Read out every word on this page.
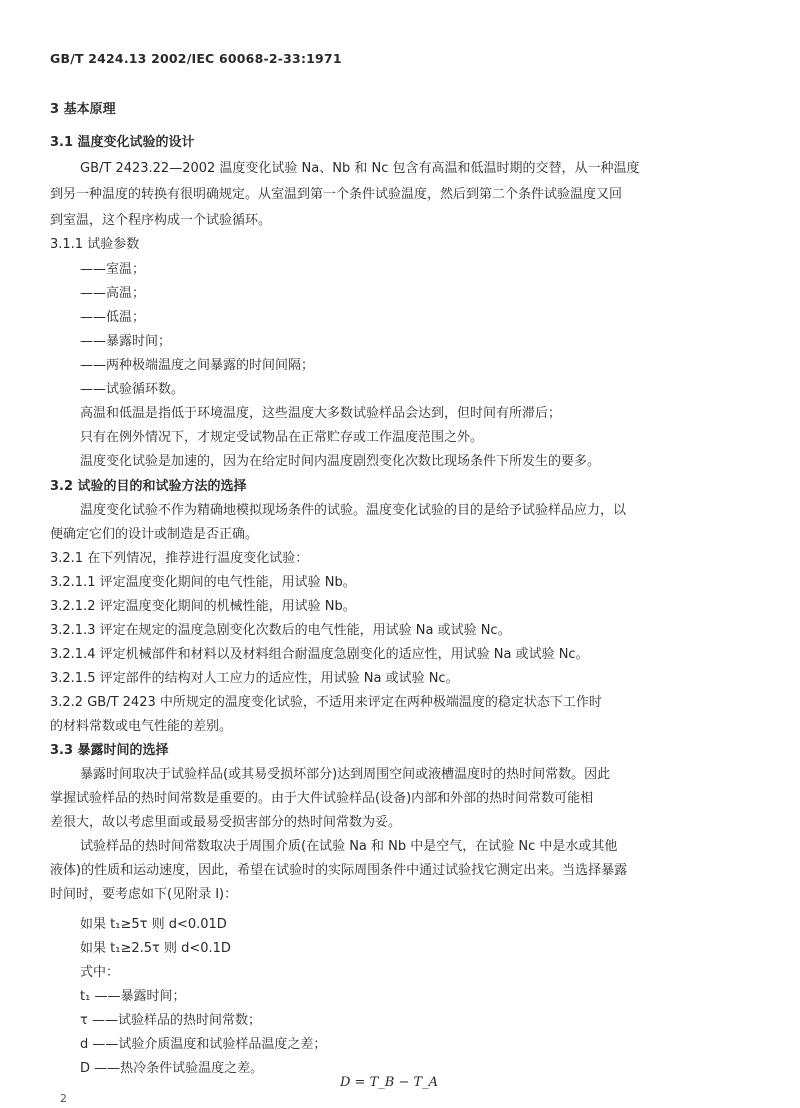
GB/T 2424.13 2002/IEC 60068-2-33:1971
3 基本原理
3.1 温度变化试验的设计
GB/T 2423.22—2002 温度变化试验 Na、Nb 和 Nc 包含有高温和低温时期的交替，从一种温度
到另一种温度的转换有很明确规定。从室温到第一个条件试验温度，然后到第二个条件试验温度又回
到室温，这个程序构成一个试验循环。
3.1.1 试验参数
——室温；
——高温；
——低温；
——暴露时间；
——两种极端温度之间暴露的时间间隔；
——试验循环数。
高温和低温是指低于环境温度，这些温度大多数试验样品会达到，但时间有所滞后；
只有在例外情况下，才规定受试物品在正常贮存或工作温度范围之外。
温度变化试验是加速的，因为在给定时间内温度剧烈变化次数比现场条件下所发生的要多。
3.2 试验的目的和试验方法的选择
温度变化试验不作为精确地模拟现场条件的试验。温度变化试验的目的是给予试验样品应力，以
便确定它们的设计或制造是否正确。
3.2.1 在下列情况，推荐进行温度变化试验：
3.2.1.1 评定温度变化期间的电气性能，用试验 Nb。
3.2.1.2 评定温度变化期间的机械性能，用试验 Nb。
3.2.1.3 评定在规定的温度急剧变化次数后的电气性能，用试验 Na 或试验 Nc。
3.2.1.4 评定机械部件和材料以及材料组合耐温度急剧变化的适应性，用试验 Na 或试验 Nc。
3.2.1.5 评定部件的结构对人工应力的适应性，用试验 Na 或试验 Nc。
3.2.2 GB/T 2423 中所规定的温度变化试验，不适用来评定在两种极端温度的稳定状态下工作时
的材料常数或电气性能的差别。
3.3 暴露时间的选择
暴露时间取决于试验样品(或其易受损坏部分)达到周围空间或液槽温度时的热时间常数。因此
掌握试验样品的热时间常数是重要的。由于大件试验样品(设备)内部和外部的热时间常数可能相
差很大，故以考虑里面或最易受损害部分的热时间常数为妥。
试验样品的热时间常数取决于周围介质(在试验 Na 和 Nb 中是空气，在试验 Nc 中是水或其他
液体)的性质和运动速度，因此，希望在试验时的实际周围条件中通过试验找它测定出来。当选择暴露
时间时，要考虑如下(见附录 I)：
如果 t₁≥5τ 则 d<0.01D
如果 t₁≥2.5τ 则 d<0.1D
式中：
t₁ ——暴露时间；
τ ——试验样品的热时间常数；
d ——试验介质温度和试验样品温度之差；
D ——热冷条件试验温度之差。
D = T_B − T_A
2
